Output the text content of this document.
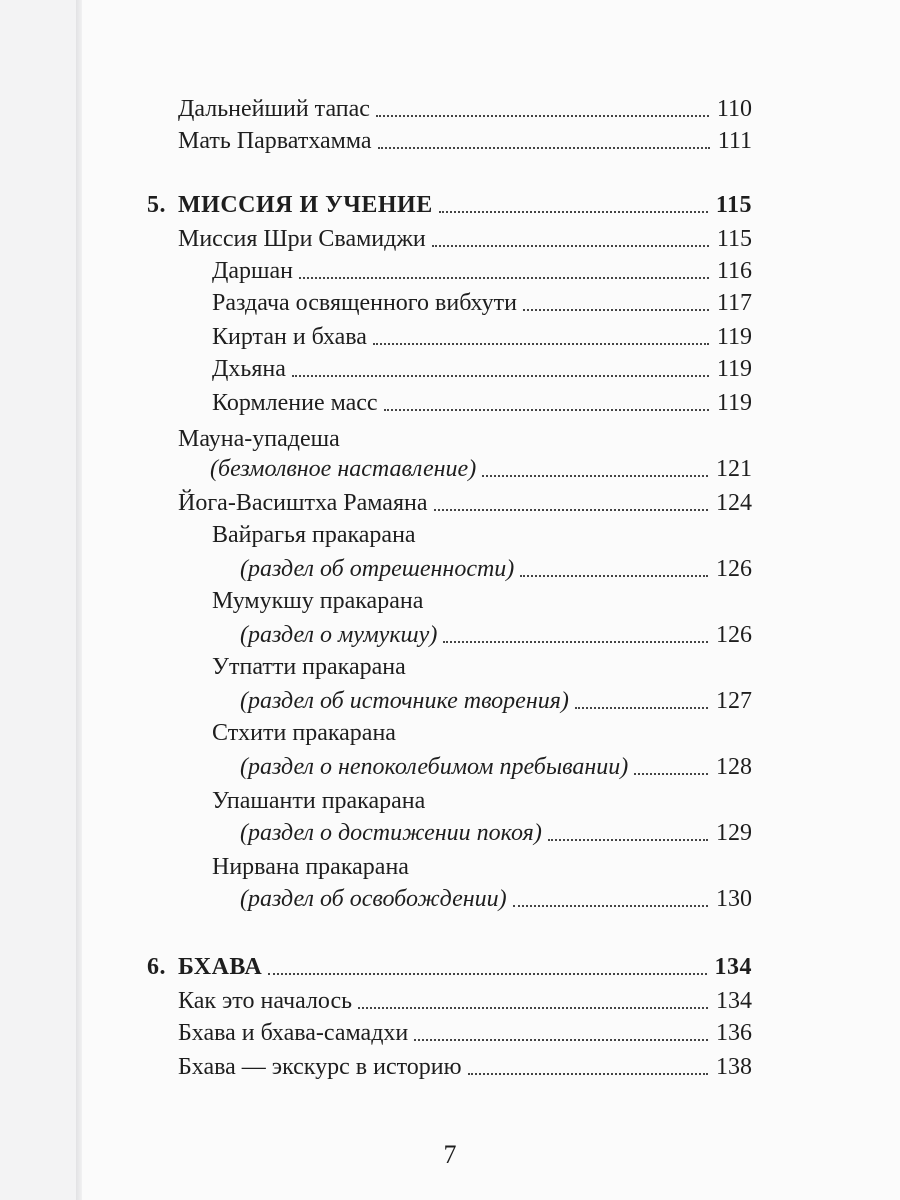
Дальнейший тапас	110
Мать Парватхамма	111
5. МИССИЯ И УЧЕНИЕ	115
Миссия Шри Свамиджи	115
Даршан	116
Раздача освященного вибхути	117
Киртан и бхава	119
Дхьяна	119
Кормление масс	119
Мауна-упадеша
(безмолвное наставление)	121
Йога-Васиштха Рамаяна	124
Вайрагья пракарана
(раздел об отрешенности)	126
Мумукшу пракарана
(раздел о мумукшу)	126
Утпатти пракарана
(раздел об источнике творения)	127
Стхити пракарана
(раздел о непоколебимом пребывании)	128
Упашанти пракарана
(раздел о достижении покоя)	129
Нирвана пракарана
(раздел об освобождении)	130
6. БХАВА	134
Как это началось	134
Бхава и бхава-самадхи	136
Бхава — экскурс в историю	138
7
